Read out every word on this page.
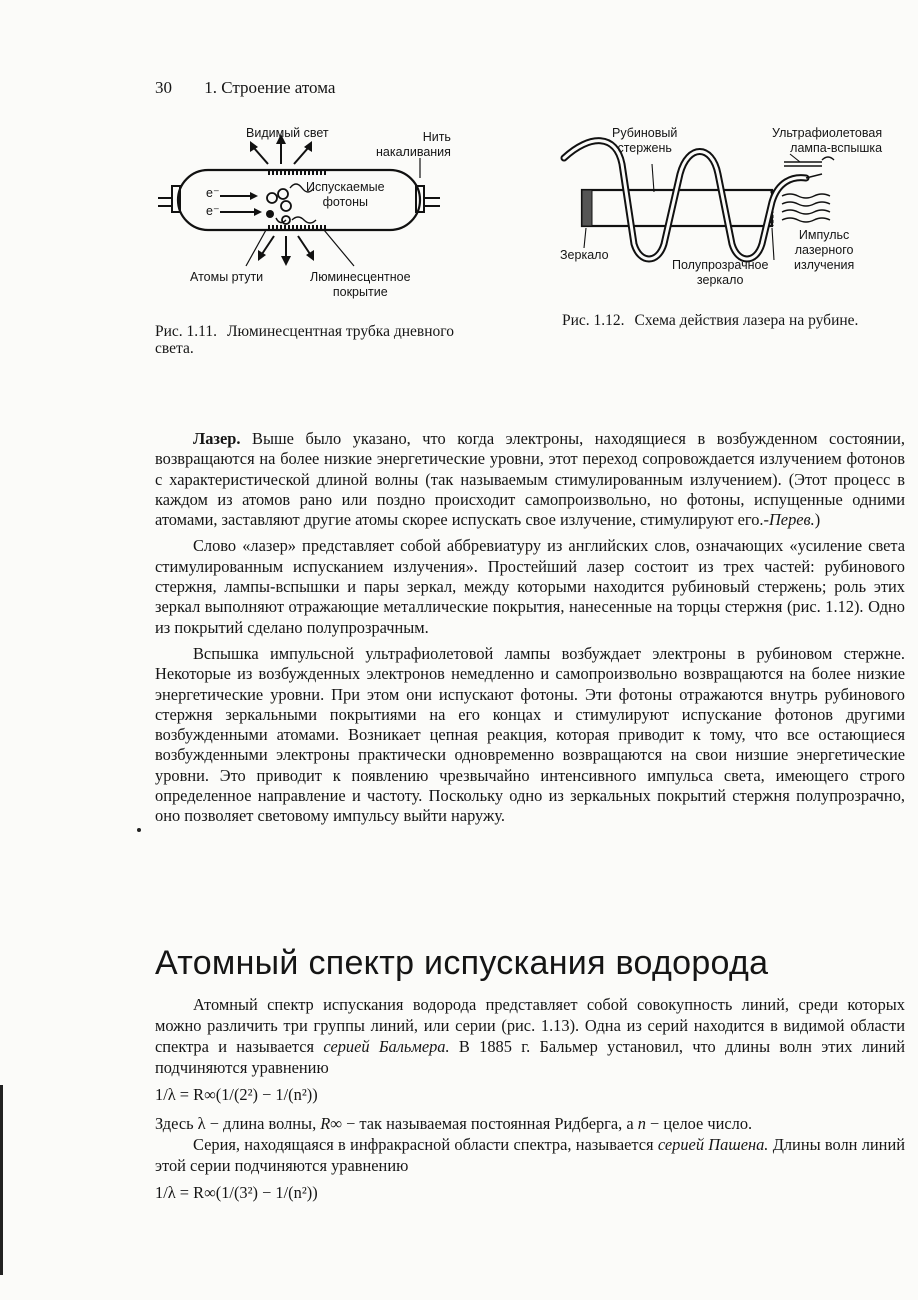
30 1. Строение атома
Видимый свет	Нить
накаливания
Испускаемые
фотоны
e⁻
e⁻
Атомы ртути	Люминесцентное
покрытие
Рис. 1.11. Люминесцентная трубка дневного света.
Рубиновый
стержень
Ультрафиолетовая
лампа-вспышка
Импульс
лазерного
излучения
Зеркало
Полупрозрачное
зеркало
Рис. 1.12. Схема действия лазера на рубине.

Лазер. Выше было указано, что когда электроны, находящиеся в возбужденном состоянии, возвращаются на более низкие энергетические уровни, этот переход сопровождается излучением фотонов с характеристической длиной волны (так называемым стимулированным излучением). (Этот процесс в каждом из атомов рано или поздно происходит самопроизвольно, но фотоны, испущенные одними атомами, заставляют другие атомы скорее испускать свое излучение, стимулируют его.-Перев.)

Слово «лазер» представляет собой аббревиатуру из английских слов, означающих «усиление света стимулированным испусканием излучения». Простейший лазер состоит из трех частей: рубинового стержня, лампы-вспышки и пары зеркал, между которыми находится рубиновый стержень; роль этих зеркал выполняют отражающие металлические покрытия, нанесенные на торцы стержня (рис. 1.12). Одно из покрытий сделано полупрозрачным.

Вспышка импульсной ультрафиолетовой лампы возбуждает электроны в рубиновом стержне. Некоторые из возбужденных электронов немедленно и самопроизвольно возвращаются на более низкие энергетические уровни. При этом они испускают фотоны. Эти фотоны отражаются внутрь рубинового стержня зеркальными покрытиями на его концах и стимулируют испускание фотонов другими возбужденными атомами. Возникает цепная реакция, которая приводит к тому, что все остающиеся возбужденными электроны практически одновременно возвращаются на свои низшие энергетические уровни. Это приводит к появлению чрезвычайно интенсивного импульса света, имеющего строго определенное направление и частоту. Поскольку одно из зеркальных покрытий стержня полупрозрачно, оно позволяет световому импульсу выйти наружу.

Атомный спектр испускания водорода

Атомный спектр испускания водорода представляет собой совокупность линий, среди которых можно различить три группы линий, или серии (рис. 1.13). Одна из серий находится в видимой области спектра и называется серией Бальмера. В 1885 г. Бальмер установил, что длины волн этих линий подчиняются уравнению

1/λ = R∞(1/(2²) − 1/(n²))

Здесь λ − длина волны, R∞ − так называемая постоянная Ридберга, а n − целое число.

Серия, находящаяся в инфракрасной области спектра, называется серией Пашена. Длины волн линий этой серии подчиняются уравнению

1/λ = R∞(1/(3²) − 1/(n²))
